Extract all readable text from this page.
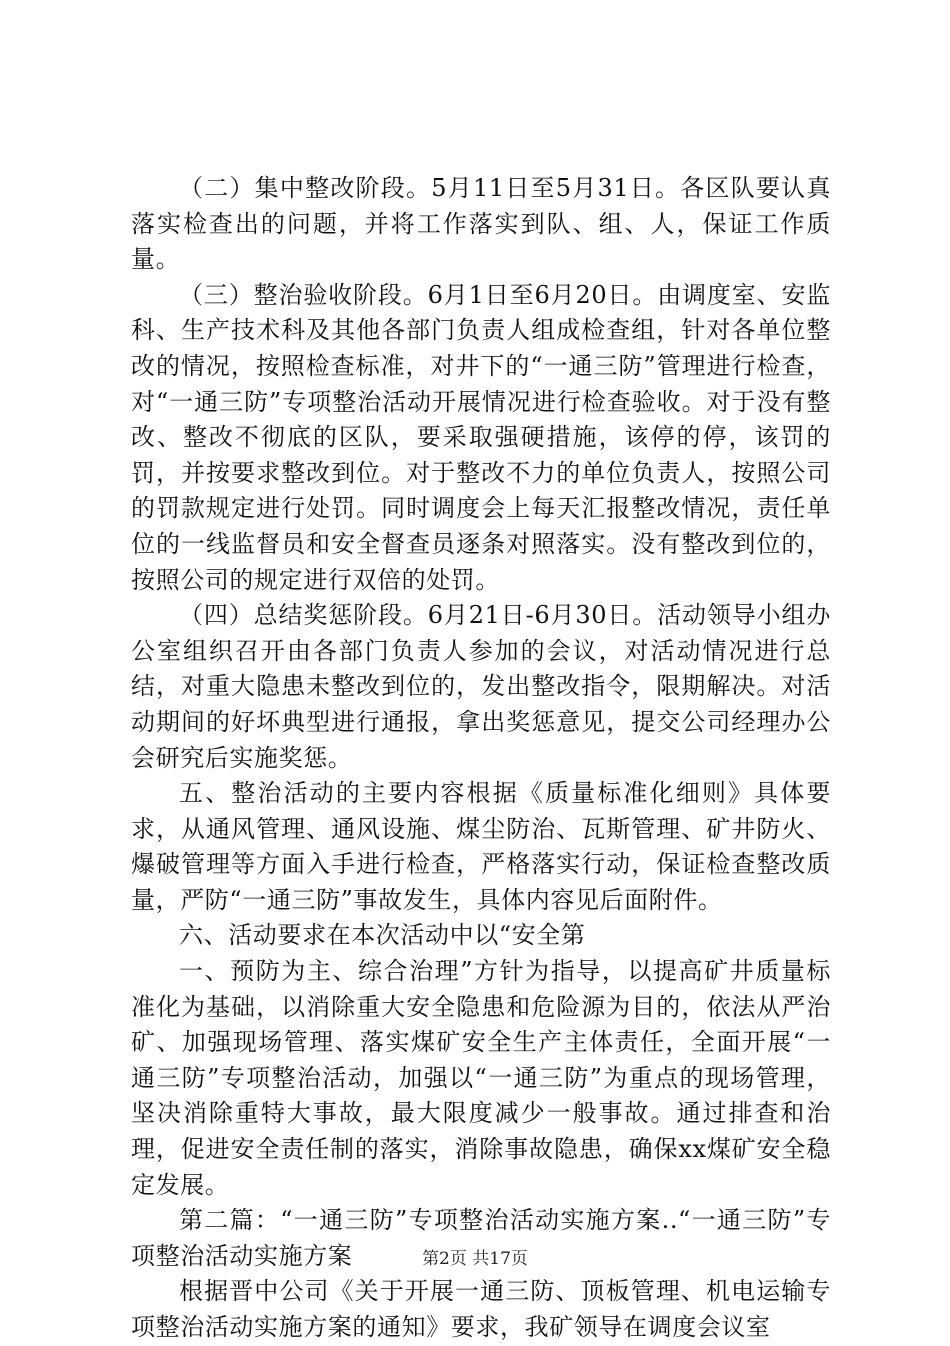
（二）集中整改阶段。5月11日至5月31日。各区队要认真落实检查出的问题，并将工作落实到队、组、人，保证工作质量。

（三）整治验收阶段。6月1日至6月20日。由调度室、安监科、生产技术科及其他各部门负责人组成检查组，针对各单位整改的情况，按照检查标准，对井下的“一通三防”管理进行检查，对“一通三防”专项整治活动开展情况进行检查验收。对于没有整改、整改不彻底的区队，要采取强硬措施，该停的停，该罚的罚，并按要求整改到位。对于整改不力的单位负责人，按照公司的罚款规定进行处罚。同时调度会上每天汇报整改情况，责任单位的一线监督员和安全督查员逐条对照落实。没有整改到位的，按照公司的规定进行双倍的处罚。

（四）总结奖惩阶段。6月21日-6月30日。活动领导小组办公室组织召开由各部门负责人参加的会议，对活动情况进行总结，对重大隐患未整改到位的，发出整改指令，限期解决。对活动期间的好坏典型进行通报，拿出奖惩意见，提交公司经理办公会研究后实施奖惩。

五、整治活动的主要内容根据《质量标准化细则》具体要求，从通风管理、通风设施、煤尘防治、瓦斯管理、矿井防火、爆破管理等方面入手进行检查，严格落实行动，保证检查整改质量，严防“一通三防”事故发生，具体内容见后面附件。

六、活动要求在本次活动中以“安全第

一、预防为主、综合治理”方针为指导，以提高矿井质量标准化为基础，以消除重大安全隐患和危险源为目的，依法从严治矿、加强现场管理、落实煤矿安全生产主体责任，全面开展“一通三防”专项整治活动，加强以“一通三防”为重点的现场管理，坚决消除重特大事故，最大限度减少一般事故。通过排查和治理，促进安全责任制的落实，消除事故隐患，确保xx煤矿安全稳定发展。

第二篇：“一通三防”专项整治活动实施方案..“一通三防”专项整治活动实施方案

根据晋中公司《关于开展一通三防、顶板管理、机电运输专项整治活动实施方案的通知》要求，我矿领导在调度会议室

第2页 共17页
